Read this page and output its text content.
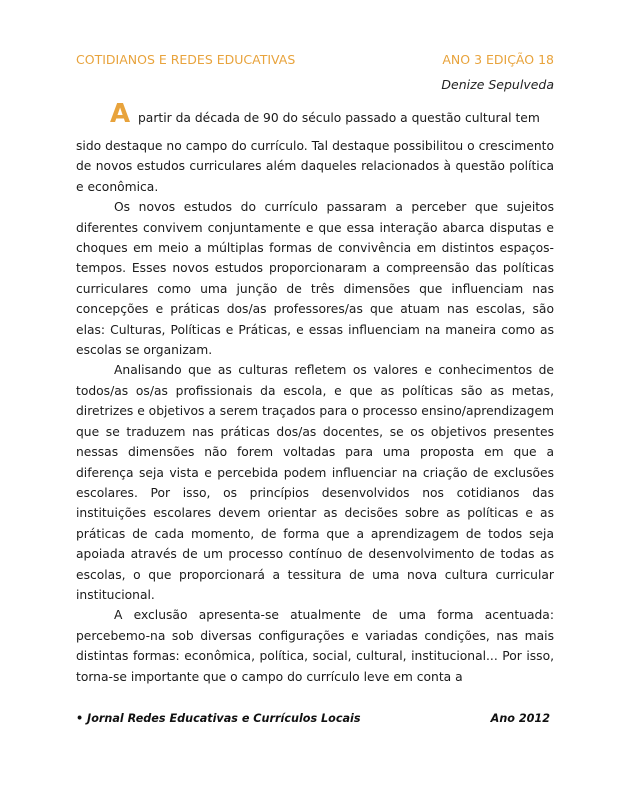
COTIDIANOS E REDES EDUCATIVAS	ANO 3 EDIÇÃO 18
Denize Sepulveda
A partir da década de 90 do século passado a questão cultural tem

sido destaque no campo do currículo. Tal destaque possibilitou o crescimento de novos estudos curriculares além daqueles relacionados à questão política e econômica.

Os novos estudos do currículo passaram a perceber que sujeitos diferentes convivem conjuntamente e que essa interação abarca disputas e choques em meio a múltiplas formas de convivência em distintos espaços-tempos. Esses novos estudos proporcionaram a compreensão das políticas curriculares como uma junção de três dimensões que influenciam nas concepções e práticas dos/as professores/as que atuam nas escolas, são elas: Culturas, Políticas e Práticas, e essas influenciam na maneira como as escolas se organizam.

Analisando que as culturas refletem os valores e conhecimentos de todos/as os/as profissionais da escola, e que as políticas são as metas, diretrizes e objetivos a serem traçados para o processo ensino/aprendizagem que se traduzem nas práticas dos/as docentes, se os objetivos presentes nessas dimensões não forem voltadas para uma proposta em que a diferença seja vista e percebida podem influenciar na criação de exclusões escolares. Por isso, os princípios desenvolvidos nos cotidianos das instituições escolares devem orientar as decisões sobre as políticas e as práticas de cada momento, de forma que a aprendizagem de todos seja apoiada através de um processo contínuo de desenvolvimento de todas as escolas, o que proporcionará a tessitura de uma nova cultura curricular institucional.

A exclusão apresenta-se atualmente de uma forma acentuada: percebemo-na sob diversas configurações e variadas condições, nas mais distintas formas: econômica, política, social, cultural, institucional... Por isso, torna-se importante que o campo do currículo leve em conta a

• Jornal Redes Educativas e Currículos Locais	Ano 2012
